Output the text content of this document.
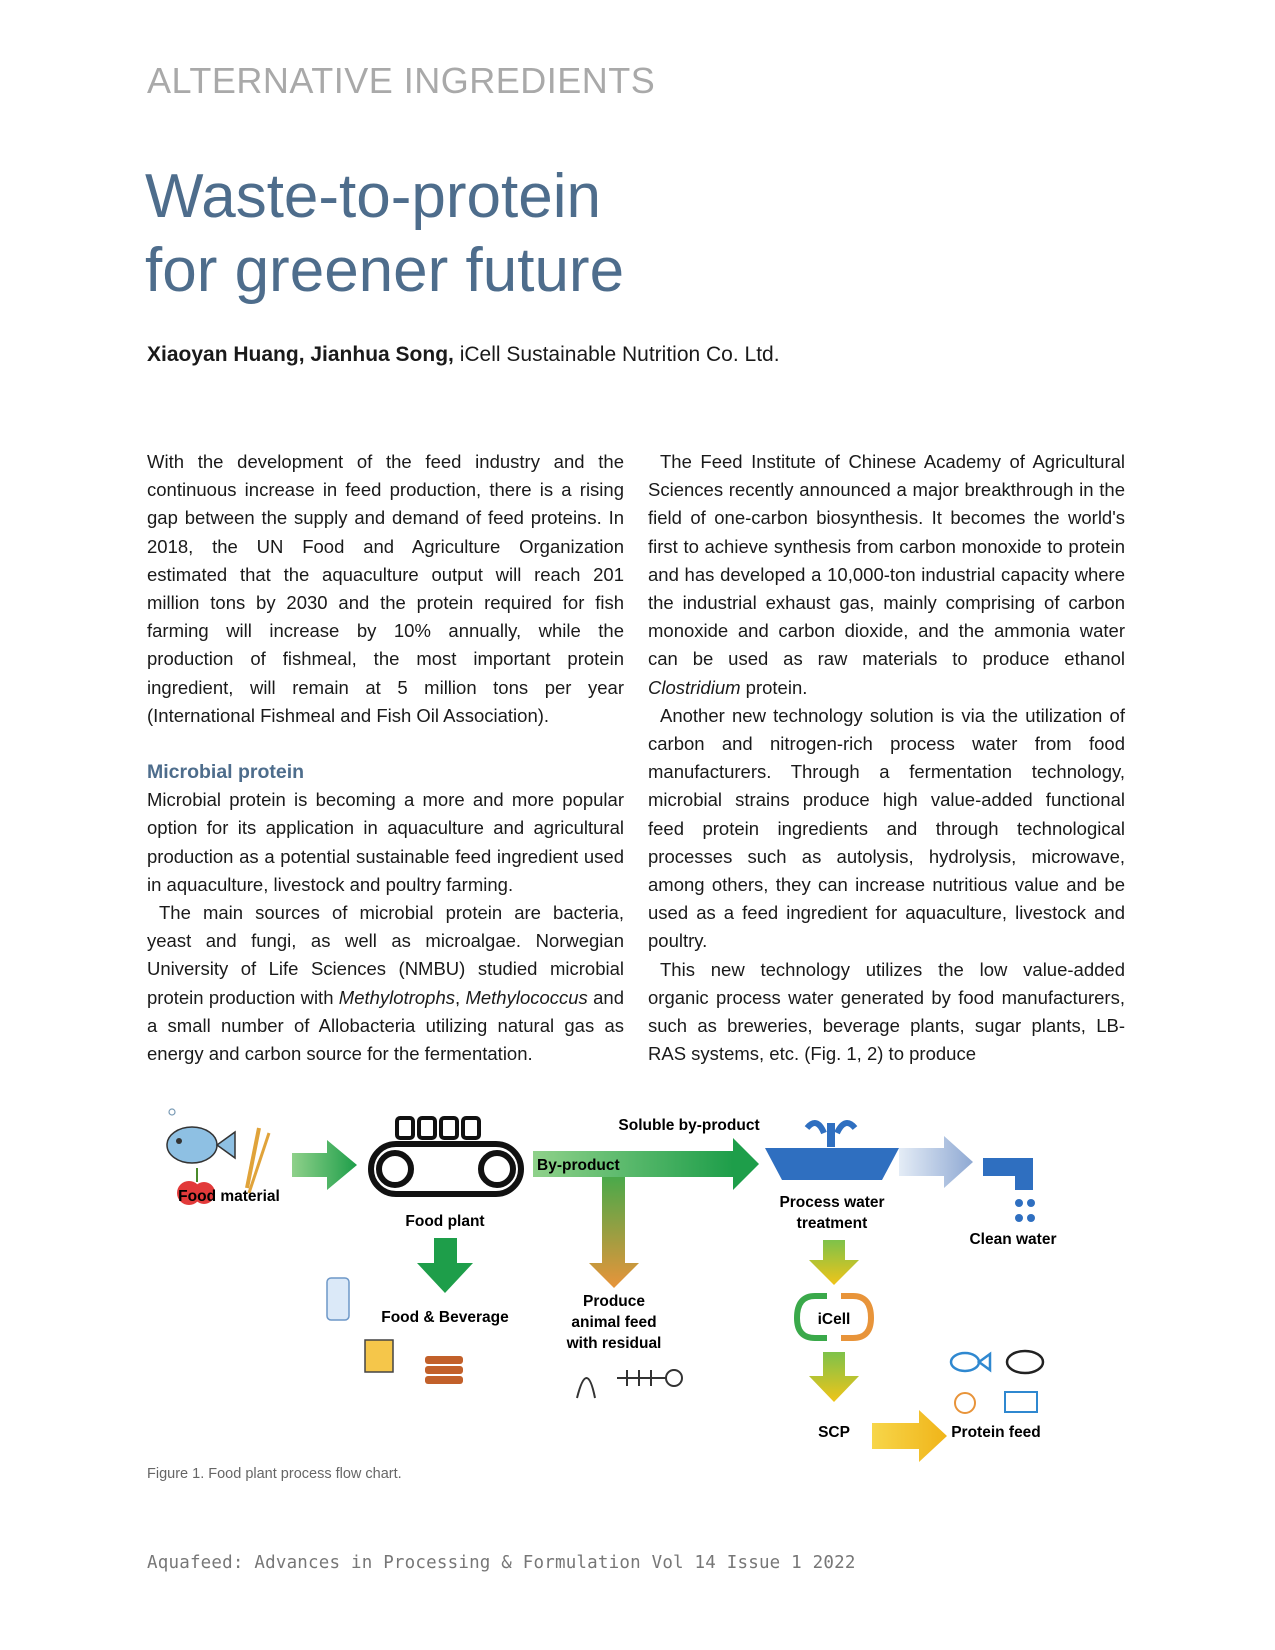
ALTERNATIVE INGREDIENTS
Waste-to-protein
for greener future
Xiaoyan Huang, Jianhua Song, iCell Sustainable Nutrition Co. Ltd.

With the development of the feed industry and the continuous increase in feed production, there is a rising gap between the supply and demand of feed proteins. In 2018, the UN Food and Agriculture Organization estimated that the aquaculture output will reach 201 million tons by 2030 and the protein required for fish farming will increase by 10% annually, while the production of fishmeal, the most important protein ingredient, will remain at 5 million tons per year (International Fishmeal and Fish Oil Association).

Microbial protein

Microbial protein is becoming a more and more popular option for its application in aquaculture and agricultural production as a potential sustainable feed ingredient used in aquaculture, livestock and poultry farming.

The main sources of microbial protein are bacteria, yeast and fungi, as well as microalgae. Norwegian University of Life Sciences (NMBU) studied microbial protein production with Methylotrophs, Methylococcus and a small number of Allobacteria utilizing natural gas as energy and carbon source for the fermentation.

The Feed Institute of Chinese Academy of Agricultural Sciences recently announced a major breakthrough in the field of one-carbon biosynthesis. It becomes the world's first to achieve synthesis from carbon monoxide to protein and has developed a 10,000-ton industrial capacity where the industrial exhaust gas, mainly comprising of carbon monoxide and carbon dioxide, and the ammonia water can be used as raw materials to produce ethanol Clostridium protein.

Another new technology solution is via the utilization of carbon and nitrogen-rich process water from food manufacturers. Through a fermentation technology, microbial strains produce high value-added functional feed protein ingredients and through technological processes such as autolysis, hydrolysis, microwave, among others, they can increase nutritious value and be used as a feed ingredient for aquaculture, livestock and poultry.

This new technology utilizes the low value-added organic process water generated by food manufacturers, such as breweries, beverage plants, sugar plants, LB-RAS systems, etc. (Fig. 1, 2) to produce

Food material
Food plant
Food & Beverage
By-product
Soluble by-product
Produce
animal feed
with residual
Process water
treatment
Clean water
iCell
SCP	Protein feed
Figure 1. Food plant process flow chart.
Aquafeed: Advances in Processing & Formulation Vol 14 Issue 1 2022
